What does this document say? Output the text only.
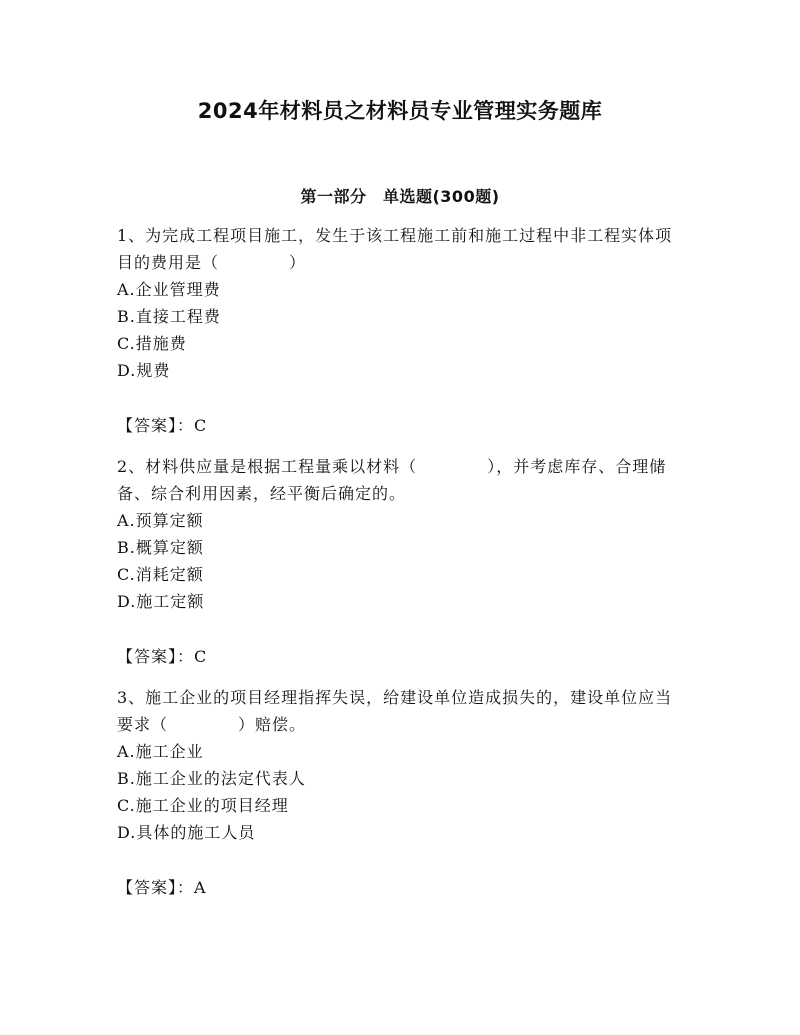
2024年材料员之材料员专业管理实务题库
第一部分　单选题(300题)

1、为完成工程项目施工，发生于该工程施工前和施工过程中非工程实体项目的费用是（	）

A.企业管理费

B.直接工程费

C.措施费

D.规费

【答案】：C

2、材料供应量是根据工程量乘以材料（	），并考虑库存、合理储备、综合利用因素，经平衡后确定的。

A.预算定额

B.概算定额

C.消耗定额

D.施工定额

【答案】：C

3、施工企业的项目经理指挥失误，给建设单位造成损失的，建设单位应当要求（	）赔偿。

A.施工企业

B.施工企业的法定代表人

C.施工企业的项目经理

D.具体的施工人员

【答案】：A
